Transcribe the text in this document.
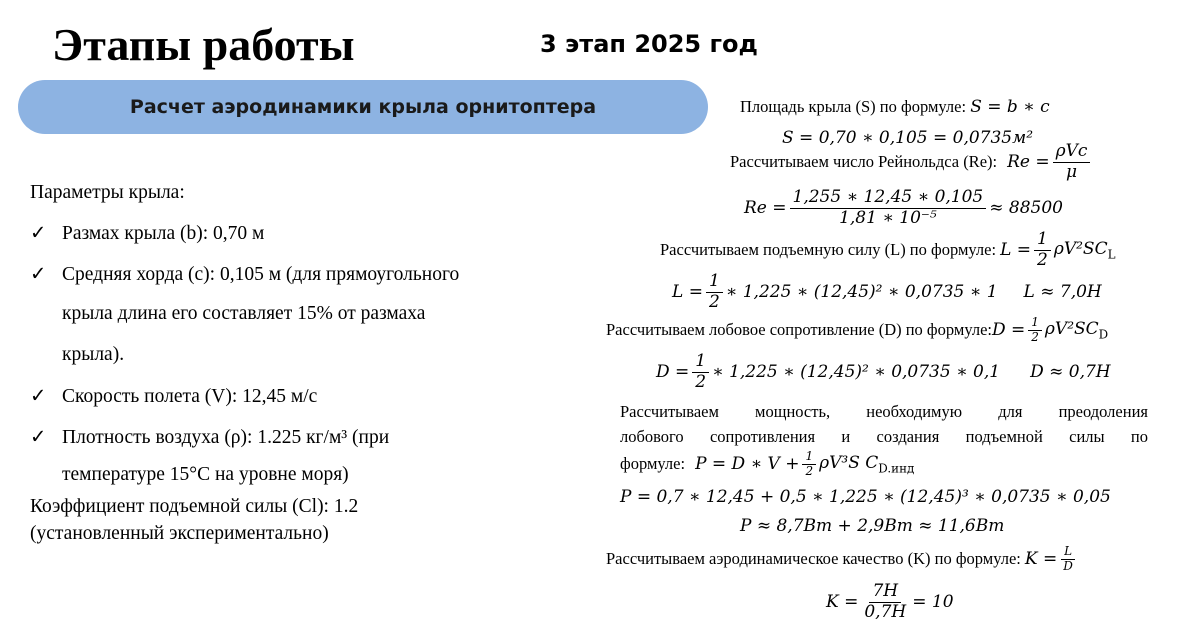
Этапы работы	3 этап 2025 год
Расчет аэродинамики крыла орнитоптера
Параметры крыла:
✓ Размах крыла (b): 0,70 м
✓ Средняя хорда (c): 0,105 м (для прямоугольного
крыла длина его составляет 15% от размаха
крыла).
✓ Скорость полета (V): 12,45 м/с
✓ Плотность воздуха (ρ): 1.225 кг/м³ (при
температуре 15°C на уровне моря)
Коэффициент подъемной силы (Cl): 1.2
(установленный экспериментально)
Площадь крыла (S) по формуле: S = b ∗ c
S = 0,70 ∗ 0,105 = 0,0735м²
Рассчитываем число Рейнольдса (Re): $Re = \frac{\text{ρVc}}{\mu}$
$Re = \frac{1,255 ∗ 12,45 ∗ 0,105}{\text{1,81 ∗ 10⁻⁵}} \approx 88500$
Рассчитываем подъемную силу (L) по формуле: $L = \frac{1}{2} \rho V^2SC_L$
$L = \frac{1}{2}$ ∗ 1,225 ∗ (12,45)² ∗ 0,0735 ∗ 1 L ≈ 7,0H
Рассчитываем лобовое сопротивление (D) по формуле: $D = \frac{1}{2} \rho V^2SC_D$
$D = \frac{1}{2}$ ∗ 1,225 ∗ (12,45)² ∗ 0,0735 ∗ 0,1 D ≈ 0,7H
Рассчитываем мощность, необходимую для преодоления
лобового сопротивления и создания подъемной силы по
формуле: P = D ∗ $V + \frac{1}{2} \rho V^3S$ $C_{D.инд}$
P = 0,7 ∗ 12,45 + 0,5 ∗ 1,225 ∗ (12,45)³ ∗ 0,0735 ∗ 0,05
P ≈ 8,7Вт + 2,9Вт ≈ 11,6Вт
Рассчитываем аэродинамическое качество (K) по формуле: $K = \frac{L}{D}$
$K = \frac{7H}{0,7H} = 10$
